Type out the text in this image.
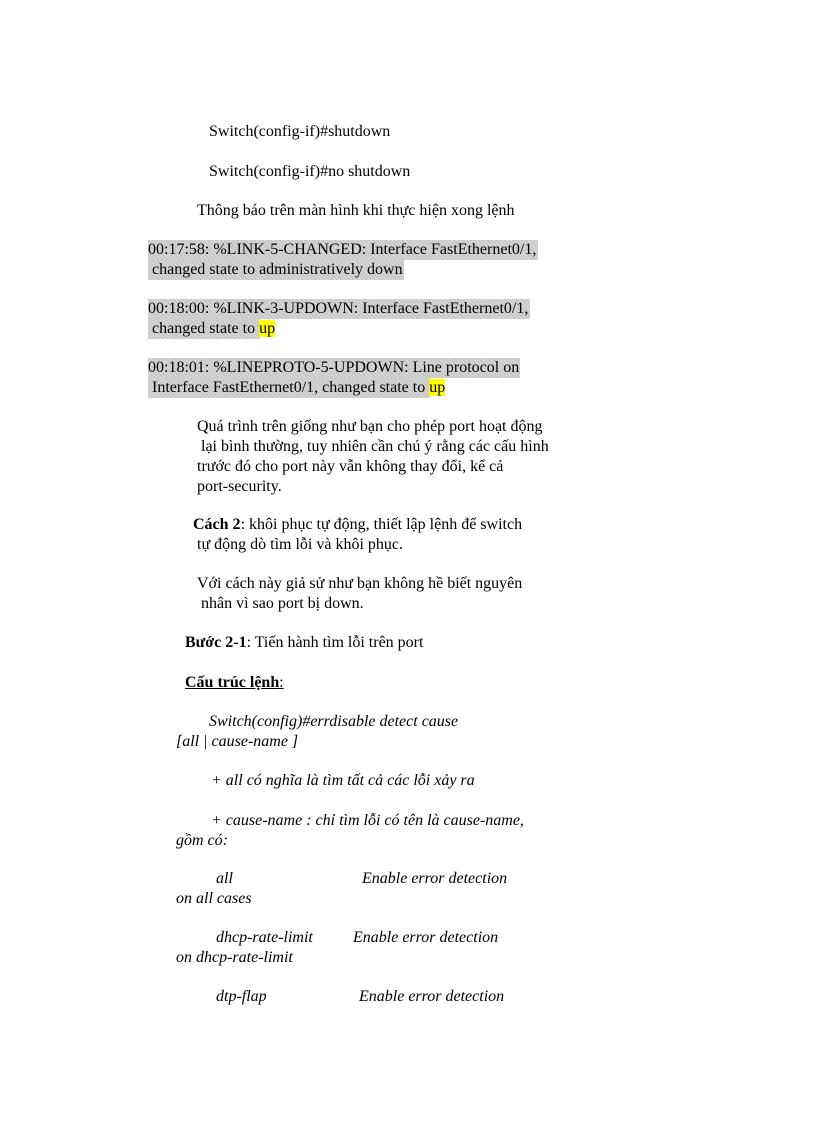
Switch(config-if)#shutdown
Switch(config-if)#no shutdown
Thông báo trên màn hình khi thực hiện xong lệnh
00:17:58: %LINK-5-CHANGED: Interface FastEthernet0/1,
changed state to administratively down
00:18:00: %LINK-3-UPDOWN: Interface FastEthernet0/1,
changed state to up
00:18:01: %LINEPROTO-5-UPDOWN: Line protocol on
Interface FastEthernet0/1, changed state to up
Quá trình trên giống như bạn cho phép port hoạt động
lại bình thường, tuy nhiên cần chú ý rằng các cấu hình
trước đó cho port này vẫn không thay đổi, kể cả
port-security.
Cách 2: khôi phục tự động, thiết lập lệnh để switch
tự động dò tìm lỗi và khôi phục.
Với cách này giả sử như bạn không hề biết nguyên
nhân vì sao port bị down.
Bước 2-1: Tiến hành tìm lỗi trên port
Cấu trúc lệnh:
Switch(config)#errdisable detect cause
[all | cause-name ]
+ all có nghĩa là tìm tất cả các lỗi xảy ra
+ cause-name : chỉ tìm lỗi có tên là cause-name,
gồm có:
all	Enable error detection
on all cases
dhcp-rate-limit	Enable error detection
on dhcp-rate-limit
dtp-flap	Enable error detection
